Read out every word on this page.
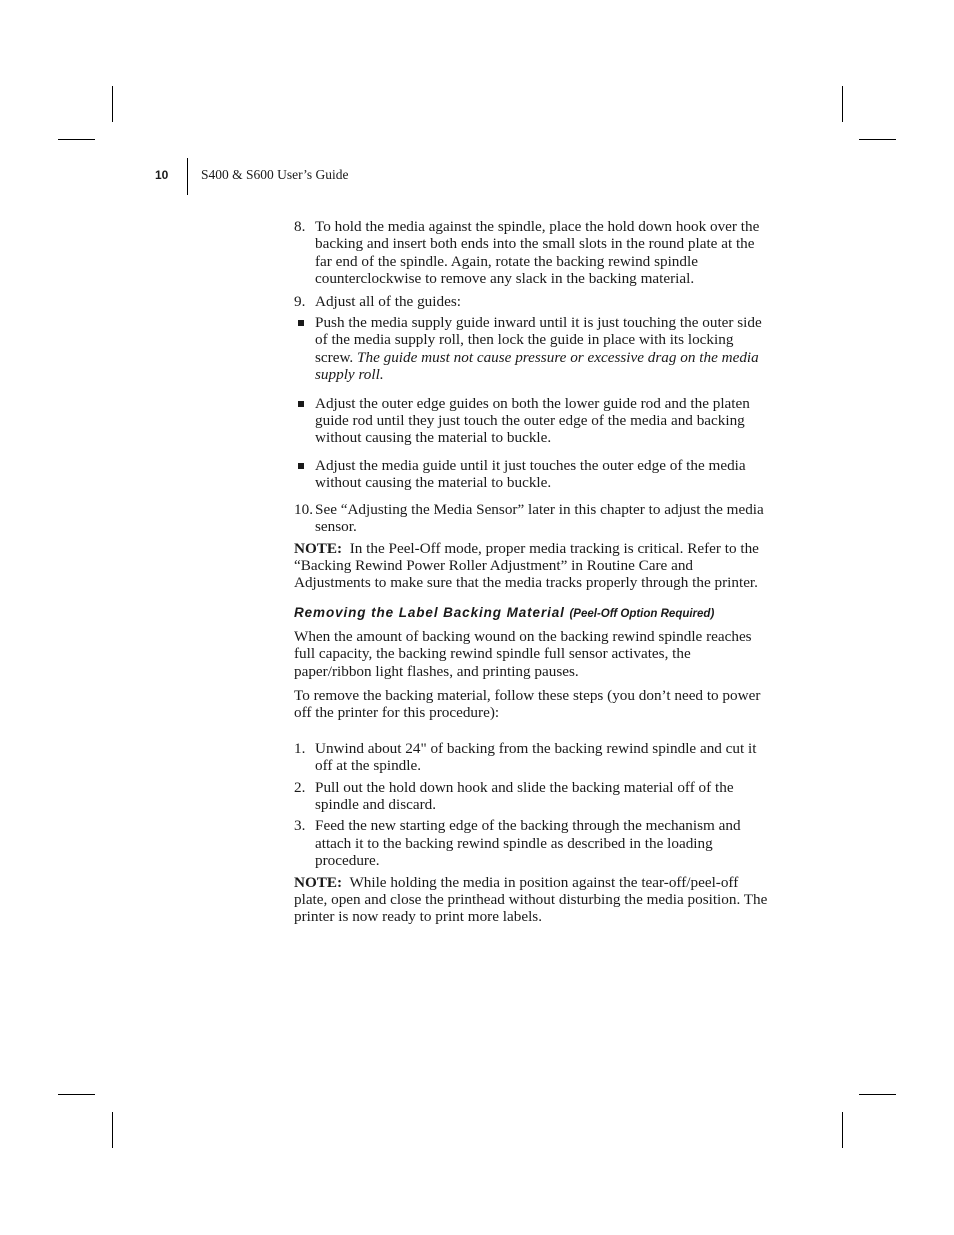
10 S400 & S600 User’s Guide
8. To hold the media against the spindle, place the hold down hook over the backing and insert both ends into the small slots in the round plate at the far end of the spindle. Again, rotate the backing rewind spindle counterclockwise to remove any slack in the backing material.

9. Adjust all of the guides:

Push the media supply guide inward until it is just touching the outer side of the media supply roll, then lock the guide in place with its locking screw. The guide must not cause pressure or excessive drag on the media supply roll.

Adjust the outer edge guides on both the lower guide rod and the platen guide rod until they just touch the outer edge of the media and backing without causing the material to buckle.

Adjust the media guide until it just touches the outer edge of the media without causing the material to buckle.

10. See “Adjusting the Media Sensor” later in this chapter to adjust the media sensor.

NOTE: In the Peel-Off mode, proper media tracking is critical. Refer to the “Backing Rewind Power Roller Adjustment” in Routine Care and Adjustments to make sure that the media tracks properly through the printer.

Removing the Label Backing Material (Peel-Off Option Required)

When the amount of backing wound on the backing rewind spindle reaches full capacity, the backing rewind spindle full sensor activates, the paper/ribbon light flashes, and printing pauses.

To remove the backing material, follow these steps (you don’t need to power off the printer for this procedure):

1. Unwind about 24" of backing from the backing rewind spindle and cut it off at the spindle.

2. Pull out the hold down hook and slide the backing material off of the spindle and discard.

3. Feed the new starting edge of the backing through the mechanism and attach it to the backing rewind spindle as described in the loading procedure.

NOTE: While holding the media in position against the tear-off/peel-off plate, open and close the printhead without disturbing the media position. The printer is now ready to print more labels.
